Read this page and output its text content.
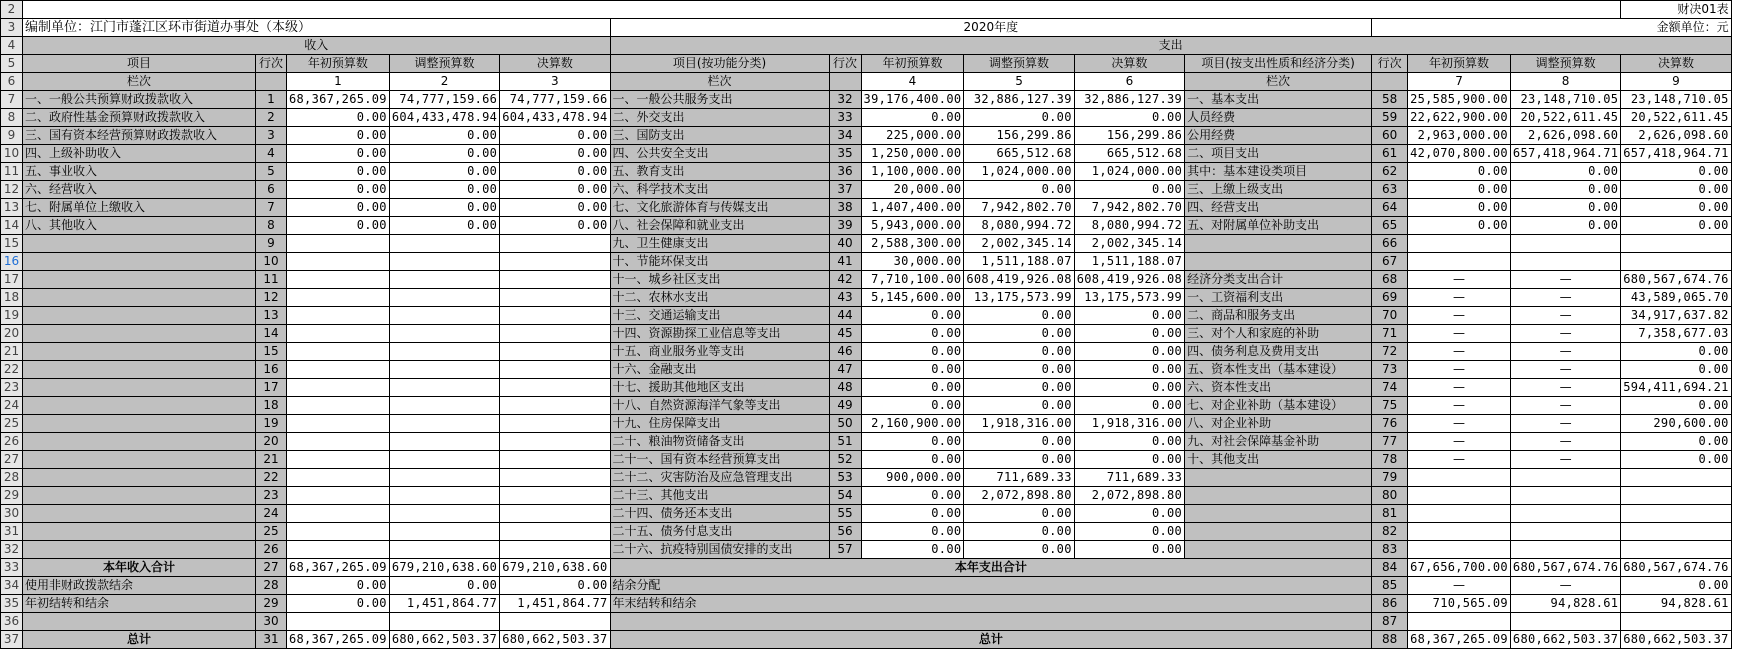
2															财决01表
3	编制单位：江门市蓬江区环市街道办事处（本级）					2020年度						金额单位：元			
4	收入					支出									
5	项目	行次	年初预算数	调整预算数	决算数	项目(按功能分类)	行次	年初预算数	调整预算数	决算数	项目(按支出性质和经济分类)	行次	年初预算数	调整预算数	决算数
6	栏次		1	2	3	栏次		4	5	6	栏次		7	8	9
7	一、一般公共预算财政拨款收入	1	68,367,265.09	74,777,159.66	74,777,159.66	一、一般公共服务支出	32	39,176,400.00	32,886,127.39	32,886,127.39	一、基本支出	58	25,585,900.00	23,148,710.05	23,148,710.05
8	二、政府性基金预算财政拨款收入	2	0.00	604,433,478.94	604,433,478.94	二、外交支出	33	0.00	0.00	0.00	人员经费	59	22,622,900.00	20,522,611.45	20,522,611.45
9	三、国有资本经营预算财政拨款收入	3	0.00	0.00	0.00	三、国防支出	34	225,000.00	156,299.86	156,299.86	公用经费	60	2,963,000.00	2,626,098.60	2,626,098.60
10	四、上级补助收入	4	0.00	0.00	0.00	四、公共安全支出	35	1,250,000.00	665,512.68	665,512.68	二、项目支出	61	42,070,800.00	657,418,964.71	657,418,964.71
11	五、事业收入	5	0.00	0.00	0.00	五、教育支出	36	1,100,000.00	1,024,000.00	1,024,000.00	其中：基本建设类项目	62	0.00	0.00	0.00
12	六、经营收入	6	0.00	0.00	0.00	六、科学技术支出	37	20,000.00	0.00	0.00	三、上缴上级支出	63	0.00	0.00	0.00
13	七、附属单位上缴收入	7	0.00	0.00	0.00	七、文化旅游体育与传媒支出	38	1,407,400.00	7,942,802.70	7,942,802.70	四、经营支出	64	0.00	0.00	0.00
14	八、其他收入	8	0.00	0.00	0.00	八、社会保障和就业支出	39	5,943,000.00	8,080,994.72	8,080,994.72	五、对附属单位补助支出	65	0.00	0.00	0.00
15		9				九、卫生健康支出	40	2,588,300.00	2,002,345.14	2,002,345.14		66			
16		10				十、节能环保支出	41	30,000.00	1,511,188.07	1,511,188.07		67			
17		11				十一、城乡社区支出	42	7,710,100.00	608,419,926.08	608,419,926.08	经济分类支出合计	68	—	—	680,567,674.76
18		12				十二、农林水支出	43	5,145,600.00	13,175,573.99	13,175,573.99	一、工资福利支出	69	—	—	43,589,065.70
19		13				十三、交通运输支出	44	0.00	0.00	0.00	二、商品和服务支出	70	—	—	34,917,637.82
20		14				十四、资源勘探工业信息等支出	45	0.00	0.00	0.00	三、对个人和家庭的补助	71	—	—	7,358,677.03
21		15				十五、商业服务业等支出	46	0.00	0.00	0.00	四、债务利息及费用支出	72	—	—	0.00
22		16				十六、金融支出	47	0.00	0.00	0.00	五、资本性支出（基本建设）	73	—	—	0.00
23		17				十七、援助其他地区支出	48	0.00	0.00	0.00	六、资本性支出	74	—	—	594,411,694.21
24		18				十八、自然资源海洋气象等支出	49	0.00	0.00	0.00	七、对企业补助（基本建设）	75	—	—	0.00
25		19				十九、住房保障支出	50	2,160,900.00	1,918,316.00	1,918,316.00	八、对企业补助	76	—	—	290,600.00
26		20				二十、粮油物资储备支出	51	0.00	0.00	0.00	九、对社会保障基金补助	77	—	—	0.00
27		21				二十一、国有资本经营预算支出	52	0.00	0.00	0.00	十、其他支出	78	—	—	0.00
28		22				二十二、灾害防治及应急管理支出	53	900,000.00	711,689.33	711,689.33		79			
29		23				二十三、其他支出	54	0.00	2,072,898.80	2,072,898.80		80			
30		24				二十四、债务还本支出	55	0.00	0.00	0.00		81			
31		25				二十五、债务付息支出	56	0.00	0.00	0.00		82			
32		26				二十六、抗疫特别国债安排的支出	57	0.00	0.00	0.00		83			
33	本年收入合计	27	68,367,265.09	679,210,638.60	679,210,638.60	本年支出合计						84	67,656,700.00	680,567,674.76	680,567,674.76
34	使用非财政拨款结余	28	0.00	0.00	0.00	结余分配						85	—	—	0.00
35	年初结转和结余	29	0.00	1,451,864.77	1,451,864.77	年末结转和结余						86	710,565.09	94,828.61	94,828.61
36		30										87			
37	总计	31	68,367,265.09	680,662,503.37	680,662,503.37	总计						88	68,367,265.09	680,662,503.37	680,662,503.37
